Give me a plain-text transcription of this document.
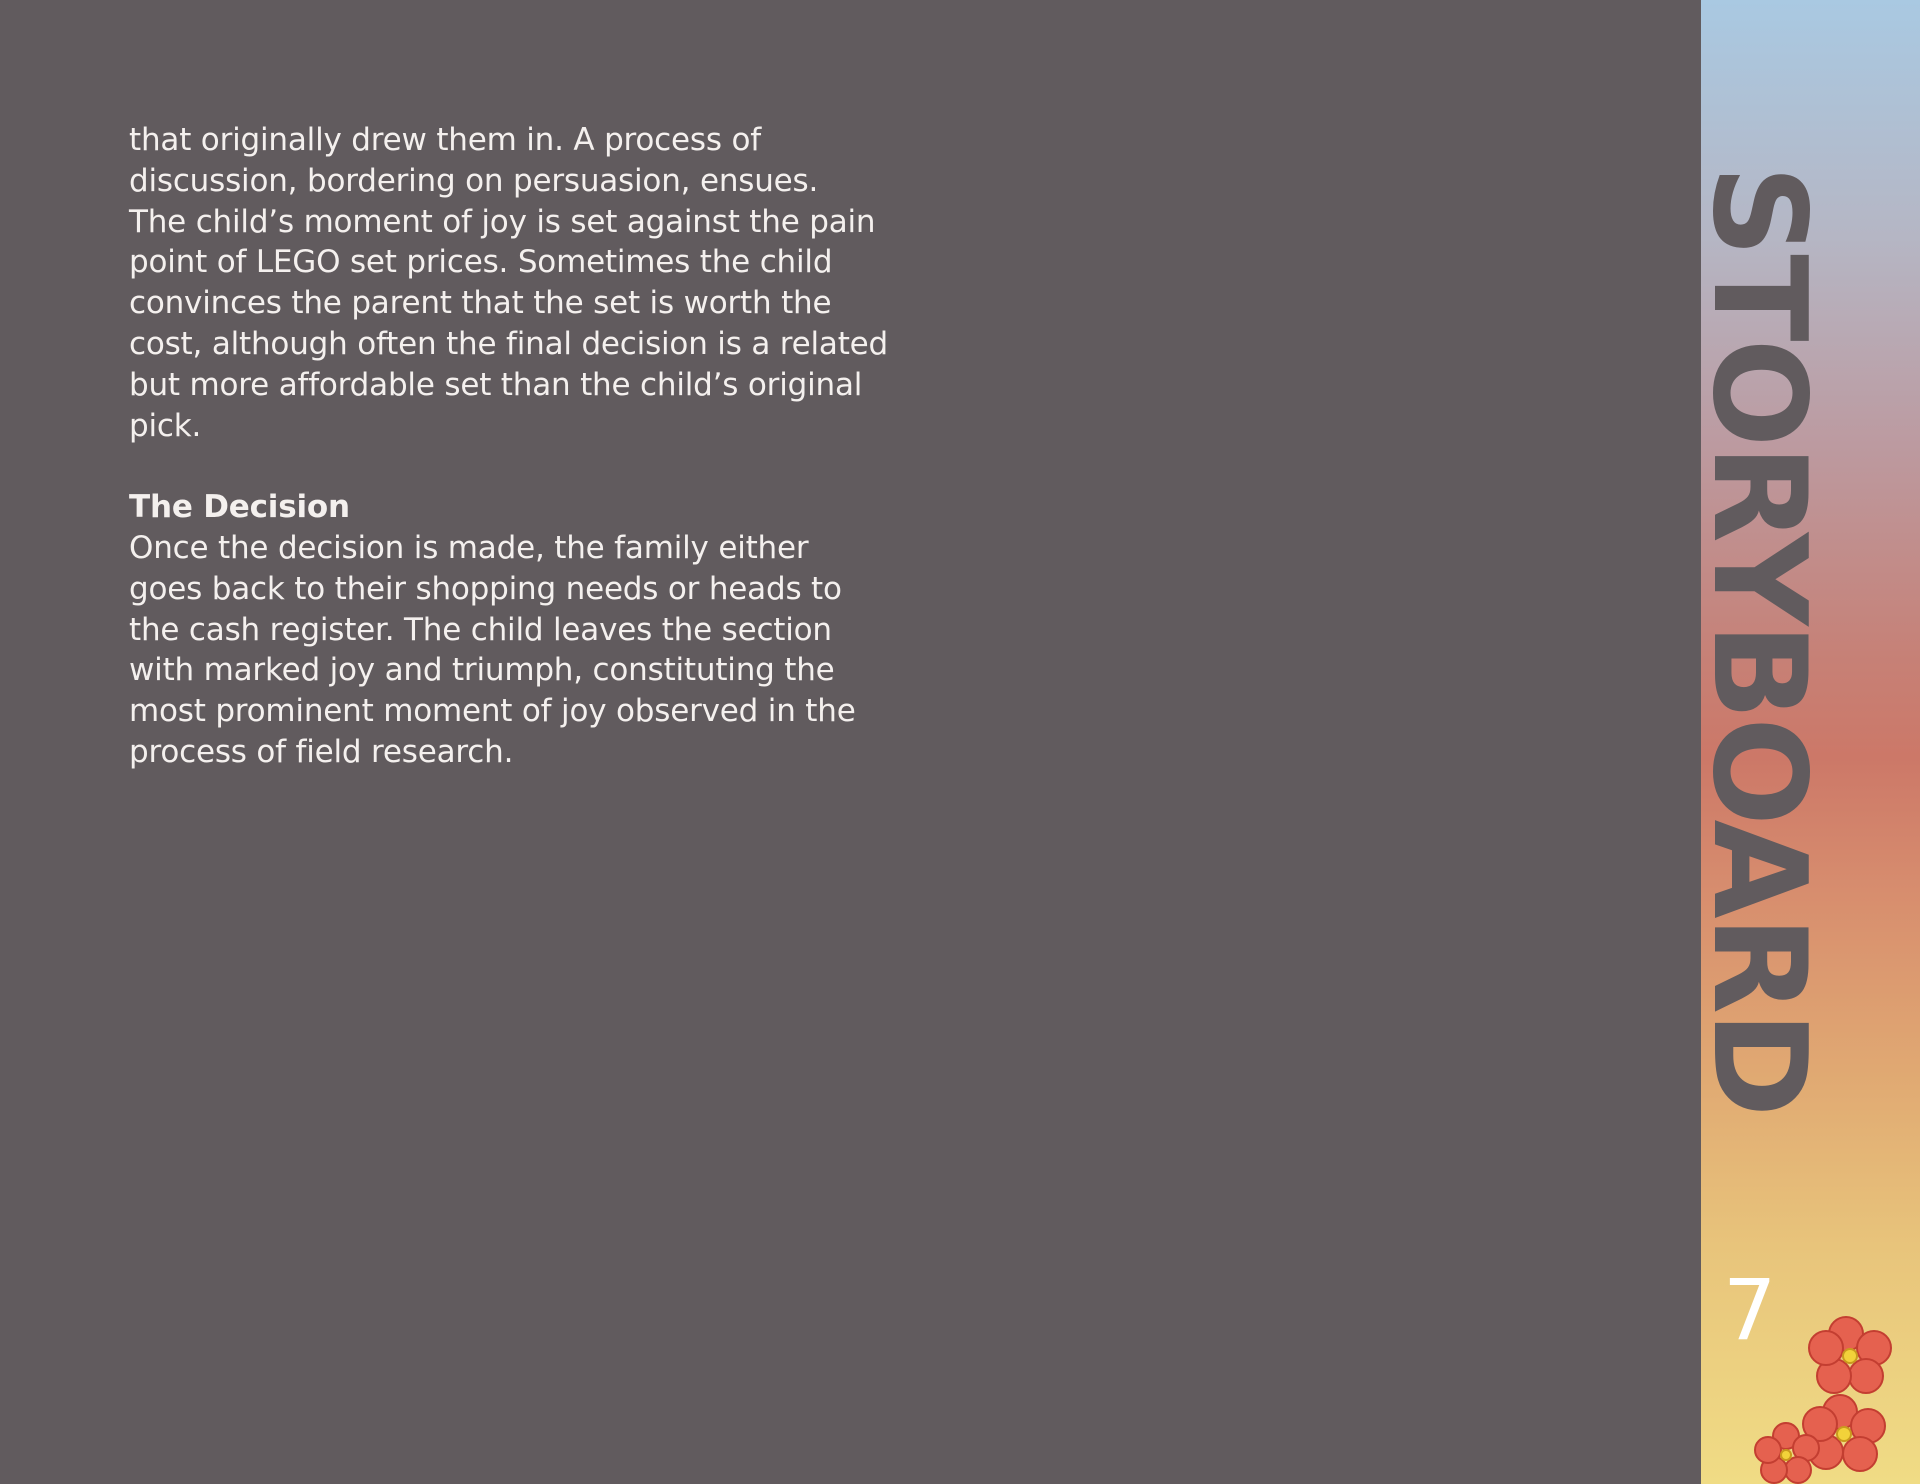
that originally drew them in. A process of
discussion, bordering on persuasion, ensues.
The child’s moment of joy is set against the pain
point of LEGO set prices. Sometimes the child
convinces the parent that the set is worth the
cost, although often the final decision is a related
but more affordable set than the child’s original
pick.

The Decision

Once the decision is made, the family either
goes back to their shopping needs or heads to
the cash register. The child leaves the section
with marked joy and triumph, constituting the
most prominent moment of joy observed in the
process of field research.	STORYBOARD
7
